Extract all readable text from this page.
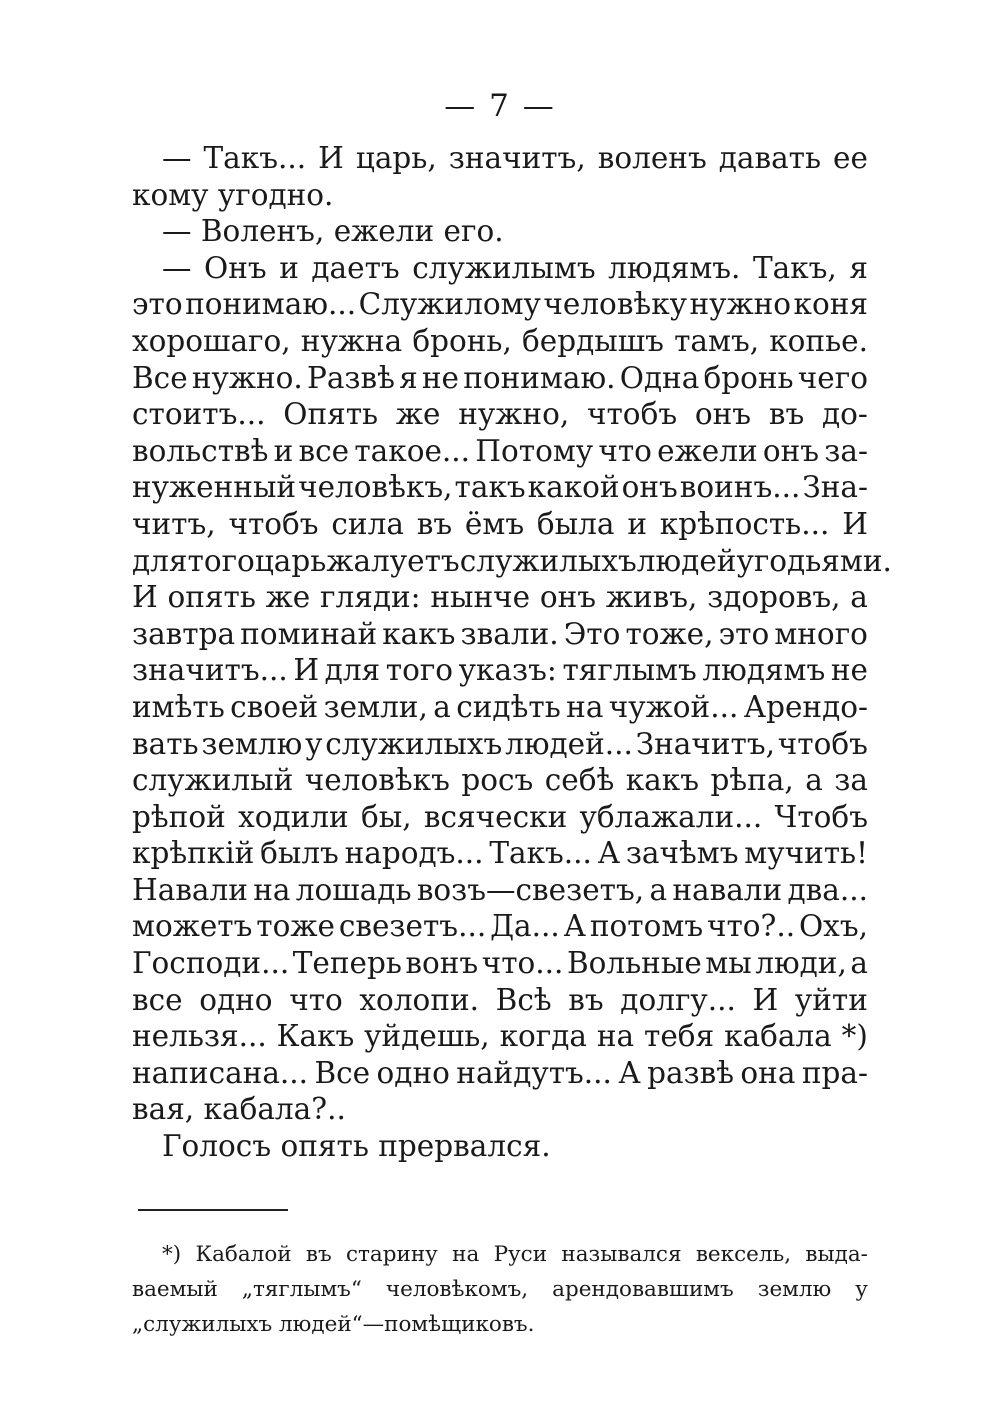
— 7 —
— Такъ... И царь, значитъ, воленъ давать ее
кому угодно.
— Воленъ, ежели его.
— Онъ и даетъ служилымъ людямъ. Такъ, я
это понимаю... Служилому человѣку нужно коня
хорошаго, нужна бронь, бердышъ тамъ, копье.
Все нужно. Развѣ я не понимаю. Одна бронь чего
стоитъ... Опять же нужно, чтобъ онъ въ до-
вольствѣ и все такое... Потому что ежели онъ за-
нуженный человѣкъ, такъ какой онъ воинъ... Зна-
читъ, чтобъ сила въ ёмъ была и крѣпость... И
для того царь жалуетъ служилыхъ людей угодьями.
И опять же гляди: нынче онъ живъ, здоровъ, а
завтра поминай какъ звали. Это тоже, это много
значитъ... И для того указъ: тяглымъ людямъ не
имѣть своей земли, а сидѣть на чужой... Арендо-
вать землю у служилыхъ людей... Значитъ, чтобъ
служилый человѣкъ росъ себѣ какъ рѣпа, а за
рѣпой ходили бы, всячески ублажали... Чтобъ
крѣпкій былъ народъ... Такъ... А зачѣмъ мучить!
Навали на лошадь возъ—свезетъ, а навали два...
можетъ тоже свезетъ... Да... А потомъ что?.. Охъ,
Господи... Теперь вонъ что... Вольные мы люди, а
все одно что холопи. Всѣ въ долгу... И уйти
нельзя... Какъ уйдешь, когда на тебя кабала *)
написана... Все одно найдутъ... А развѣ она пра-
вая, кабала?..
Голосъ опять прервался.
*) Кабалой въ старину на Руси назывался вексель, выда-
ваемый „тяглымъ“ человѣкомъ, арендовавшимъ землю у
„служилыхъ людей“—помѣщиковъ.
